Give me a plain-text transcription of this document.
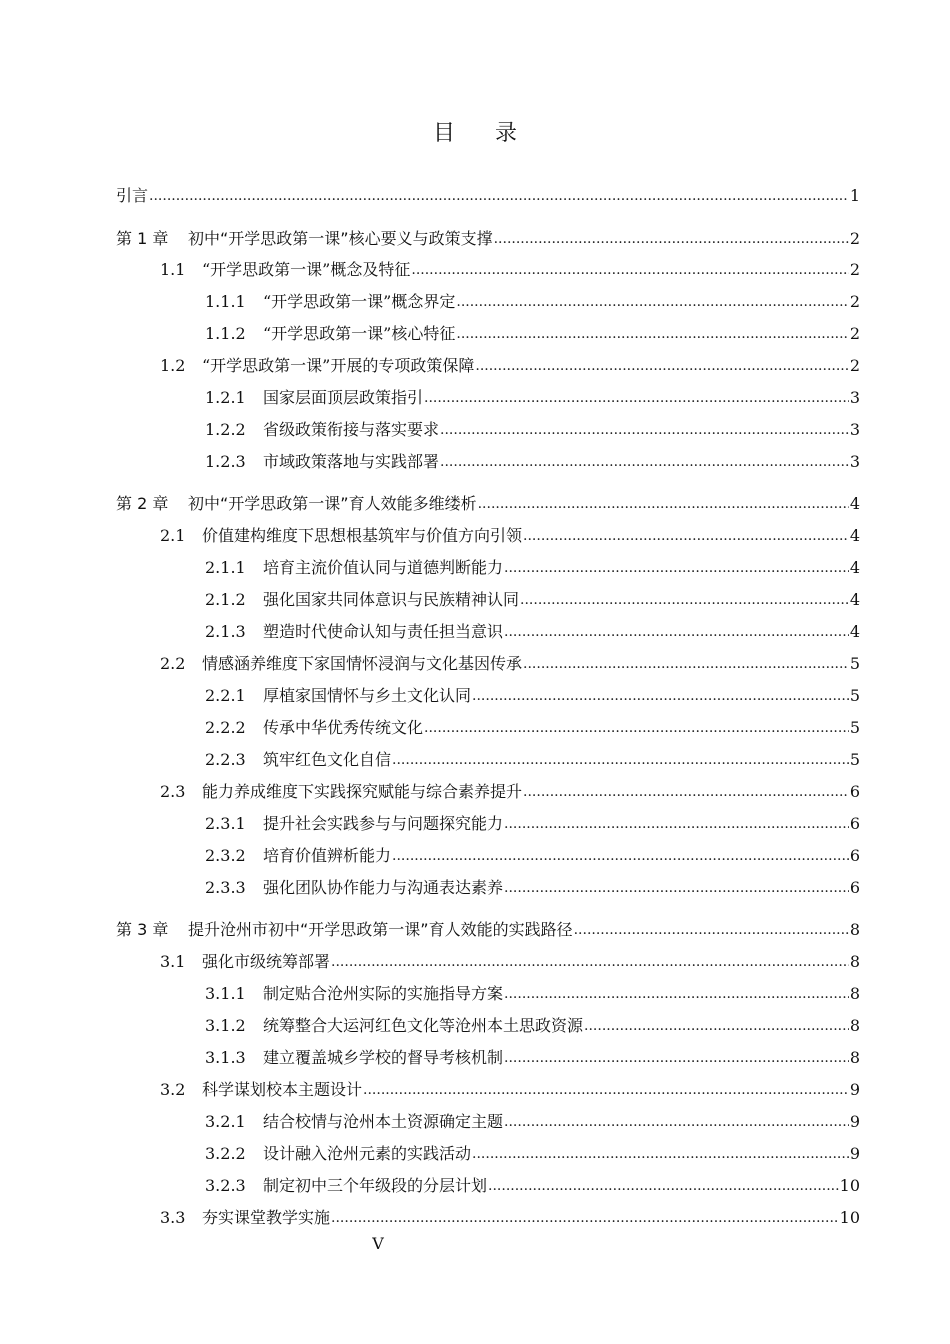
目 录
引言 .....	1
第 1 章	初中“开学思政第一课”核心要义与政策支撑 .....	2
1.1	“开学思政第一课”概念及特征 .....	2
1.1.1	“开学思政第一课”概念界定 .....	2
1.1.2	“开学思政第一课”核心特征 .....	2
1.2	“开学思政第一课”开展的专项政策保障 .....	2
1.2.1	国家层面顶层政策指引 .....	3
1.2.2	省级政策衔接与落实要求 .....	3
1.2.3	市域政策落地与实践部署 .....	3
第 2 章	初中“开学思政第一课”育人效能多维缕析 .....	4
2.1	价值建构维度下思想根基筑牢与价值方向引领 .....	4
2.1.1	培育主流价值认同与道德判断能力 .....	4
2.1.2	强化国家共同体意识与民族精神认同 .....	4
2.1.3	塑造时代使命认知与责任担当意识 .....	4
2.2	情感涵养维度下家国情怀浸润与文化基因传承 .....	5
2.2.1	厚植家国情怀与乡土文化认同 .....	5
2.2.2	传承中华优秀传统文化 .....	5
2.2.3	筑牢红色文化自信 .....	5
2.3	能力养成维度下实践探究赋能与综合素养提升 .....	6
2.3.1	提升社会实践参与与问题探究能力 .....	6
2.3.2	培育价值辨析能力 .....	6
2.3.3	强化团队协作能力与沟通表达素养 .....	6
第 3 章	提升沧州市初中“开学思政第一课”育人效能的实践路径 .....	8
3.1	强化市级统筹部署 .....	8
3.1.1	制定贴合沧州实际的实施指导方案 .....	8
3.1.2	统筹整合大运河红色文化等沧州本土思政资源 .....	8
3.1.3	建立覆盖城乡学校的督导考核机制 .....	8
3.2	科学谋划校本主题设计 .....	9
3.2.1	结合校情与沧州本土资源确定主题 .....	9
3.2.2	设计融入沧州元素的实践活动 .....	9
3.2.3	制定初中三个年级段的分层计划 .....	10
3.3	夯实课堂教学实施 .....	10
V
